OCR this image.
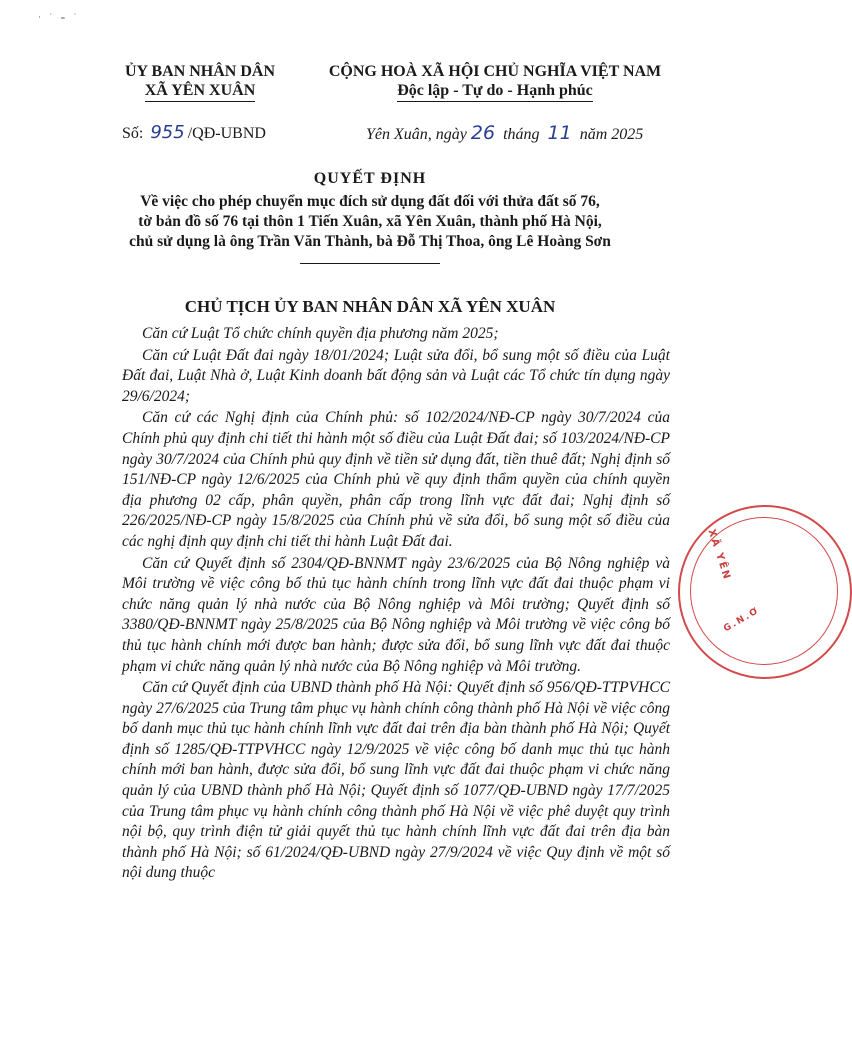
· ˙ ₌ ˙
ỦY BAN NHÂN DÂN
XÃ YÊN XUÂN
CỘNG HOÀ XÃ HỘI CHỦ NGHĨA VIỆT NAM
Độc lập - Tự do - Hạnh phúc
Số: 955 /QĐ-UBND	Yên Xuân, ngày 26 tháng 11 năm 2025
QUYẾT ĐỊNH
Về việc cho phép chuyển mục đích sử dụng đất đối với thửa đất số 76,
tờ bản đồ số 76 tại thôn 1 Tiến Xuân, xã Yên Xuân, thành phố Hà Nội,
chủ sử dụng là ông Trần Văn Thành, bà Đỗ Thị Thoa, ông Lê Hoàng Sơn
CHỦ TỊCH ỦY BAN NHÂN DÂN XÃ YÊN XUÂN

Căn cứ Luật Tổ chức chính quyền địa phương năm 2025;

Căn cứ Luật Đất đai ngày 18/01/2024; Luật sửa đổi, bổ sung một số điều của Luật Đất đai, Luật Nhà ở, Luật Kinh doanh bất động sản và Luật các Tổ chức tín dụng ngày 29/6/2024;

Căn cứ các Nghị định của Chính phủ: số 102/2024/NĐ-CP ngày 30/7/2024 của Chính phủ quy định chi tiết thi hành một số điều của Luật Đất đai; số 103/2024/NĐ-CP ngày 30/7/2024 của Chính phủ quy định về tiền sử dụng đất, tiền thuê đất; Nghị định số 151/NĐ-CP ngày 12/6/2025 của Chính phủ về quy định thẩm quyền của chính quyền địa phương 02 cấp, phân quyền, phân cấp trong lĩnh vực đất đai; Nghị định số 226/2025/NĐ-CP ngày 15/8/2025 của Chính phủ về sửa đổi, bổ sung một số điều của các nghị định quy định chi tiết thi hành Luật Đất đai.

Căn cứ Quyết định số 2304/QĐ-BNNMT ngày 23/6/2025 của Bộ Nông nghiệp và Môi trường về việc công bố thủ tục hành chính trong lĩnh vực đất đai thuộc phạm vi chức năng quản lý nhà nước của Bộ Nông nghiệp và Môi trường; Quyết định số 3380/QĐ-BNNMT ngày 25/8/2025 của Bộ Nông nghiệp và Môi trường về việc công bố thủ tục hành chính mới được ban hành; được sửa đổi, bổ sung lĩnh vực đất đai thuộc phạm vi chức năng quản lý nhà nước của Bộ Nông nghiệp và Môi trường.

Căn cứ Quyết định của UBND thành phố Hà Nội: Quyết định số 956/QĐ-TTPVHCC ngày 27/6/2025 của Trung tâm phục vụ hành chính công thành phố Hà Nội về việc công bố danh mục thủ tục hành chính lĩnh vực đất đai trên địa bàn thành phố Hà Nội; Quyết định số 1285/QĐ-TTPVHCC ngày 12/9/2025 về việc công bố danh mục thủ tục hành chính mới ban hành, được sửa đổi, bổ sung lĩnh vực đất đai thuộc phạm vi chức năng quản lý của UBND thành phố Hà Nội; Quyết định số 1077/QĐ-UBND ngày 17/7/2025 của Trung tâm phục vụ hành chính công thành phố Hà Nội về việc phê duyệt quy trình nội bộ, quy trình điện tử giải quyết thủ tục hành chính lĩnh vực đất đai trên địa bàn thành phố Hà Nội; số 61/2024/QĐ-UBND ngày 27/9/2024 về việc Quy định về một số nội dung thuộc

XÃ YÊN
G.N.Ơ
